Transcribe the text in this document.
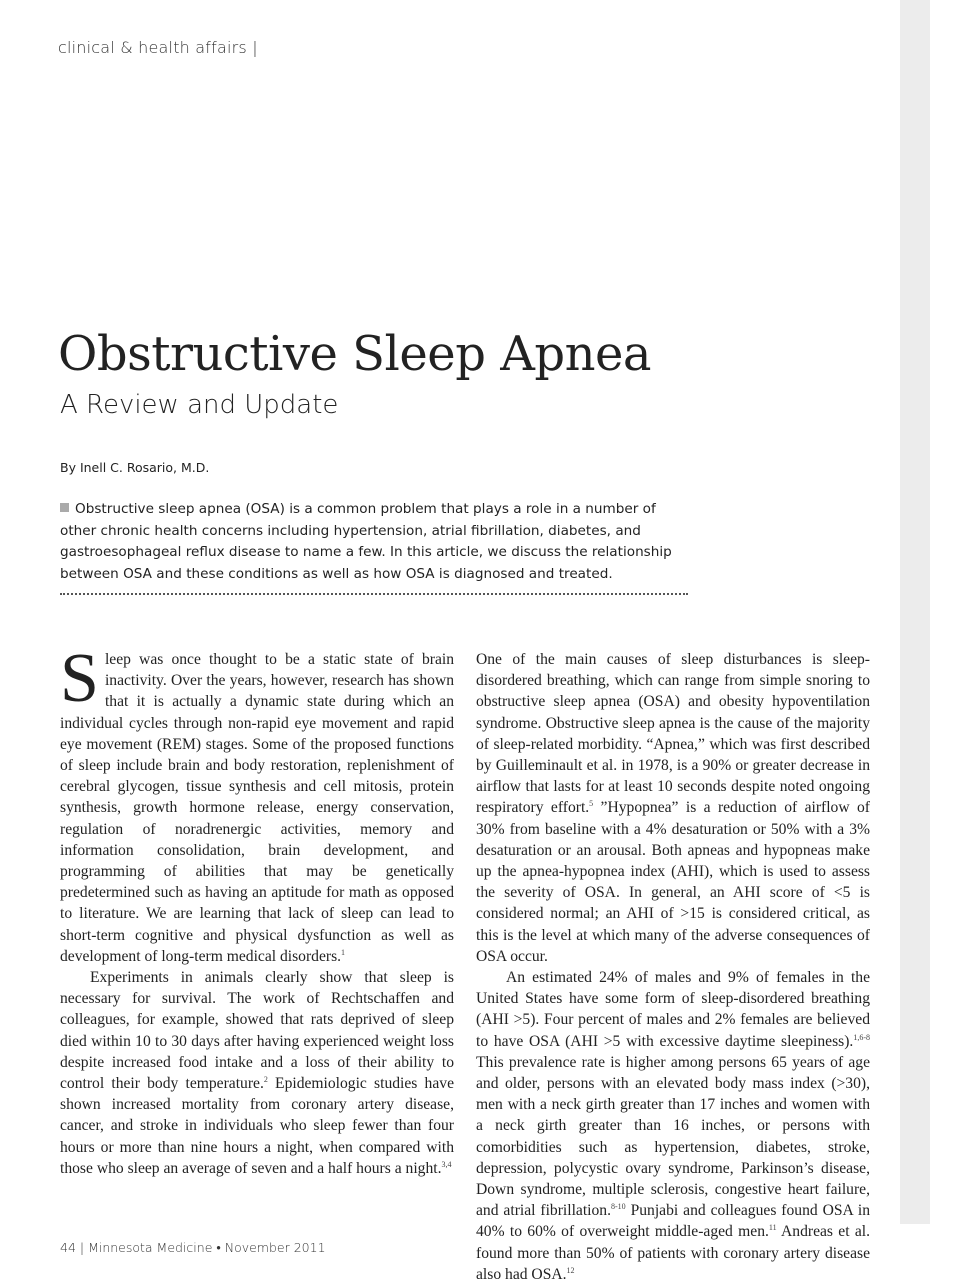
clinical & health affairs |
Obstructive Sleep Apnea
A Review and Update
By Inell C. Rosario, M.D.
Obstructive sleep apnea (OSA) is a common problem that plays a role in a number of other chronic health concerns including hypertension, atrial fibrillation, diabetes, and gastroesophageal reflux disease to name a few. In this article, we discuss the relationship between OSA and these conditions as well as how OSA is diagnosed and treated.

Sleep was once thought to be a static state of brain inactivity. Over the years, however, research has shown that it is actually a dynamic state during which an individual cycles through non-rapid eye movement and rapid eye movement (REM) stages. Some of the proposed functions of sleep include brain and body restoration, replenishment of cerebral glycogen, tissue synthesis and cell mitosis, protein synthesis, growth hormone release, energy conservation, regulation of noradrenergic activities, memory and information consolidation, brain development, and programming of abilities that may be genetically predetermined such as having an aptitude for math as opposed to literature. We are learning that lack of sleep can lead to short-term cognitive and physical dysfunction as well as development of long-term medical disorders.$^1$

Experiments in animals clearly show that sleep is necessary for survival. The work of Rechtschaffen and colleagues, for example, showed that rats deprived of sleep died within 10 to 30 days after having experienced weight loss despite increased food intake and a loss of their ability to control their body temperature.$^2$ Epidemiologic studies have shown increased mortality from coronary artery disease, cancer, and stroke in individuals who sleep fewer than four hours or more than nine hours a night, when compared with those who sleep an average of seven and a half hours a night.$^{3,4}$

One of the main causes of sleep disturbances is sleep-disordered breathing, which can range from simple snoring to obstructive sleep apnea (OSA) and obesity hypoventilation syndrome. Obstructive sleep apnea is the cause of the majority of sleep-related morbidity. “Apnea,” which was first described by Guilleminault et al. in 1978, is a 90% or greater decrease in airflow that lasts for at least 10 seconds despite noted ongoing respiratory effort.$^5$ ”Hypopnea” is a reduction of airflow of 30% from baseline with a 4% desaturation or 50% with a 3% desaturation or an arousal. Both apneas and hypopneas make up the apnea-hypopnea index (AHI), which is used to assess the severity of OSA. In general, an AHI score of <5 is considered normal; an AHI of >15 is considered critical, as this is the level at which many of the adverse consequences of OSA occur.

An estimated 24% of males and 9% of females in the United States have some form of sleep-disordered breathing (AHI >5). Four percent of males and 2% females are believed to have OSA (AHI >5 with excessive daytime sleepiness).$^{1,6-8}$ This prevalence rate is higher among persons 65 years of age and older, persons with an elevated body mass index (>30), men with a neck girth greater than 17 inches and women with a neck girth greater than 16 inches, or persons with comorbidities such as hypertension, diabetes, stroke, depression, polycystic ovary syndrome, Parkinson’s disease, Down syndrome, multiple sclerosis, congestive heart failure, and atrial fibrillation.$^{8-10}$ Punjabi and colleagues found OSA in 40% to 60% of overweight middle-aged men.$^{11}$ Andreas et al. found more than 50% of patients with coronary artery disease also had OSA.$^{12}$

44 | Minnesota Medicine • November 2011
